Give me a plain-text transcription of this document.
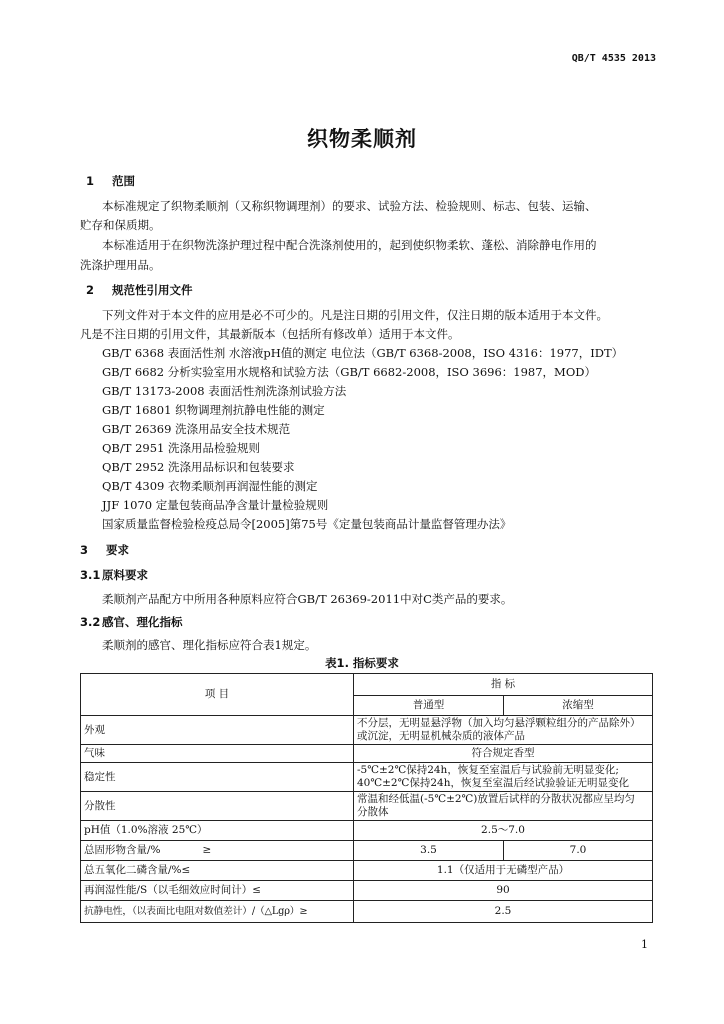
QB/T 4535 2013
织物柔顺剂
1 范围
本标准规定了织物柔顺剂（又称织物调理剂）的要求、试验方法、检验规则、标志、包装、运输、
贮存和保质期。
本标准适用于在织物洗涤护理过程中配合洗涤剂使用的，起到使织物柔软、蓬松、消除静电作用的
洗涤护理用品。
2 规范性引用文件
下列文件对于本文件的应用是必不可少的。凡是注日期的引用文件，仅注日期的版本适用于本文件。
凡是不注日期的引用文件，其最新版本（包括所有修改单）适用于本文件。
GB/T 6368 表面活性剂 水溶液pH值的测定 电位法（GB/T 6368-2008，ISO 4316：1977，IDT）
GB/T 6682 分析实验室用水规格和试验方法（GB/T 6682-2008，ISO 3696：1987，MOD）
GB/T 13173-2008 表面活性剂洗涤剂试验方法
GB/T 16801 织物调理剂抗静电性能的测定
GB/T 26369 洗涤用品安全技术规范
QB/T 2951 洗涤用品检验规则
QB/T 2952 洗涤用品标识和包装要求
QB/T 4309 衣物柔顺剂再润湿性能的测定
JJF 1070 定量包装商品净含量计量检验规则
国家质量监督检验检疫总局令[2005]第75号《定量包装商品计量监督管理办法》
3 要求
3.1 原料要求
柔顺剂产品配方中所用各种原料应符合GB/T 26369-2011中对C类产品的要求。
3.2 感官、理化指标
柔顺剂的感官、理化指标应符合表1规定。
表1. 指标要求
项 目	指 标	
	普通型	浓缩型
外观	不分层，无明显悬浮物（加入均匀悬浮颗粒组分的产品除外）
或沉淀，无明显机械杂质的液体产品	
气味	符合规定香型	
稳定性	-5℃±2℃保持24h，恢复至室温后与试验前无明显变化;
40℃±2℃保持24h，恢复至室温后经试验验证无明显变化	
分散性	常温和经低温(-5℃±2℃)放置后试样的分散状况都应呈均匀
分散体	
pH值（1.0%溶液 25℃）	2.5～7.0	
总固形物含量/% ≥	3.5	7.0
总五氧化二磷含量/%≤	1.1（仅适用于无磷型产品）	
再润湿性能/S（以毛细效应时间计）≤	90	
抗静电性，（以表面比电阻对数值差计）/（△Lgρ）≥	2.5	
1
